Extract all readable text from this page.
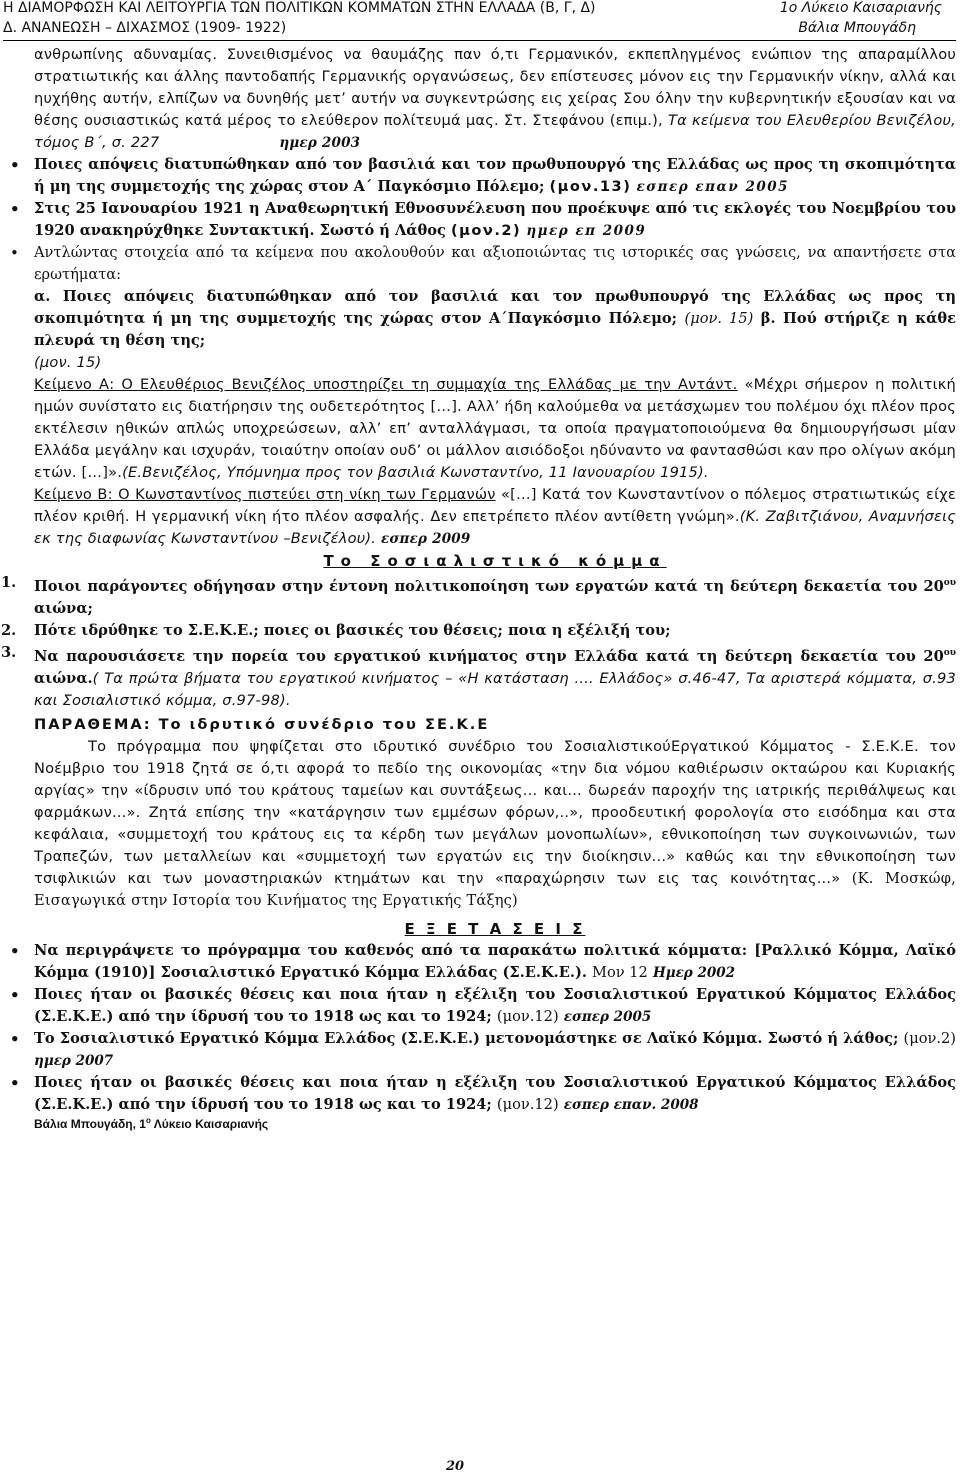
Η ΔΙΑΜΟΡΦΩΣΗ ΚΑΙ ΛΕΙΤΟΥΡΓΙΑ ΤΩΝ ΠΟΛΙΤΙΚΩΝ ΚΟΜΜΑΤΩΝ ΣΤΗΝ ΕΛΛΑΔΑ (Β, Γ, Δ)
Δ. ΑΝΑΝΕΩΣΗ – ΔΙΧΑΣΜΟΣ (1909- 1922)
1ο Λύκειο Καισαριανής
Βάλια Μπουγάδη

ανθρωπίνης αδυναμίας. Συνειθισμένος να θαυμάζης παν ό,τι Γερμανικόν, εκπεπληγμένος ενώπιον της απαραμίλλου στρατιωτικής και άλλης παντοδαπής Γερμανικής οργανώσεως, δεν επίστευσες μόνον εις την Γερμανικήν νίκην, αλλά και ηυχήθης αυτήν, ελπίζων να δυνηθής μετ’ αυτήν να συγκεντρώσης εις χείρας Σου όλην την κυβερνητικήν εξουσίαν και να θέσης ουσιαστικώς κατά μέρος το ελεύθερον πολίτευμά μας. Στ. Στεφάνου (επιμ.), Τα κείμενα του Ελευθερίου Βενιζέλου, τόμος Β΄, σ. 227	ημερ 2003

• Ποιες απόψεις διατυπώθηκαν από τον βασιλιά και τον πρωθυπουργό της Ελλάδας ως προς τη σκοπιμότητα ή μη της συμμετοχής της χώρας στον Α΄ Παγκόσμιο Πόλεμο; (μον.13) εσπερ επαν 2005
• Στις 25 Ιανουαρίου 1921 η Αναθεωρητική Εθνοσυνέλευση που προέκυψε από τις εκλογές του Νοεμβρίου του 1920 ανακηρύχθηκε Συντακτική. Σωστό ή Λάθος (μον.2) ημερ επ 2009
• Αντλώντας στοιχεία από τα κείμενα που ακολουθούν και αξιοποιώντας τις ιστορικές σας γνώσεις, να απαντήσετε στα ερωτήματα:

α. Ποιες απόψεις διατυπώθηκαν από τον βασιλιά και τον πρωθυπουργό της Ελλάδας ως προς τη σκοπιμότητα ή μη της συμμετοχής της χώρας στον Α΄Παγκόσμιο Πόλεμο; (μον. 15) β. Πού στήριζε η κάθε πλευρά τη θέση της;

(μον. 15)

Κείμενο Α: Ο Ελευθέριος Βενιζέλος υποστηρίζει τη συμμαχία της Ελλάδας με την Αντάντ. «Μέχρι σήμερον η πολιτική ημών συνίστατο εις διατήρησιν της ουδετερότητος […]. Αλλ’ ήδη καλούμεθα να μετάσχωμεν του πολέμου όχι πλέον προς εκτέλεσιν ηθικών απλώς υποχρεώσεων, αλλ’ επ’ ανταλλάγμασι, τα οποία πραγματοποιούμενα θα δημιουργήσωσι μίαν Ελλάδα μεγάλην και ισχυράν, τοιαύτην οποίαν ουδ’ οι μάλλον αισιόδοξοι ηδύναντο να φαντασθώσι καν προ ολίγων ακόμη ετών. […]».(Ε.Βενιζέλος, Υπόμνημα προς τον βασιλιά Κωνσταντίνο, 11 Ιανουαρίου 1915).

Κείμενο Β: Ο Κωνσταντίνος πιστεύει στη νίκη των Γερμανών «[…] Κατά τον Κωνσταντίνον ο πόλεμος στρατιωτικώς είχε πλέον κριθή. Η γερμανική νίκη ήτο πλέον ασφαλής. Δεν επετρέπετο πλέον αντίθετη γνώμη».(Κ. Ζαβιτζιάνου, Αναμνήσεις εκ της διαφωνίας Κωνσταντίνου –Βενιζέλου). εσπερ 2009

Το Σοσιαλιστικό κόμμα

1. Ποιοι παράγοντες οδήγησαν στην έντονη πολιτικοποίηση των εργατών κατά τη δεύτερη δεκαετία του $20^{o\upsilon}$ αιώνα;

2. Πότε ιδρύθηκε το Σ.Ε.Κ.Ε.; ποιες οι βασικές του θέσεις; ποια η εξέλιξή του;

3. Να παρουσιάσετε την πορεία του εργατικού κινήματος στην Ελλάδα κατά τη δεύτερη δεκαετία του $20^{o\upsilon}$ αιώνα.( Τα πρώτα βήματα του εργατικού κινήματος – «Η κατάσταση .... Ελλάδος» σ.46-47, Τα αριστερά κόμματα, σ.93 και Σοσιαλιστικό κόμμα, σ.97-98).

ΠΑΡΑΘΕΜΑ: Το ιδρυτικό συνέδριο του ΣΕ.Κ.Ε

Το πρόγραμμα που ψηφίζεται στο ιδρυτικό συνέδριο του ΣοσιαλιστικούΕργατικού Κόμματος - Σ.Ε.Κ.Ε. τον Νοέμβριο του 1918 ζητά σε ό,τι αφορά το πεδίο της οικονομίας «την δια νόμου καθιέρωσιν οκταώρου και Κυριακής αργίας» την «ίδρυσιν υπό του κράτους ταμείων και συντάξεως... και... δωρεάν παροχήν της ιατρικής περιθάλψεως και φαρμάκων...». Ζητά επίσης την «κατάργησιν των εμμέσων φόρων,..», προοδευτική φορολογία στο εισόδημα και στα κεφάλαια, «συμμετοχή του κράτους εις τα κέρδη των μεγάλων μονοπωλίων», εθνικοποίηση των συγκοινωνιών, των Τραπεζών, των μεταλλείων και «συμμετοχή των εργατών εις την διοίκησιν...» καθώς και την εθνικοποίηση των τσιφλικιών και των μοναστηριακών κτημάτων και την «παραχώρησιν των εις τας κοινότητας...» (Κ. Μοσκώφ, Εισαγωγικά στην Ιστορία του Κινήματος της Εργατικής Τάξης)

Ε Ξ Ε Τ Α Σ Ε Ι Σ

• Να περιγράψετε το πρόγραμμα του καθενός από τα παρακάτω πολιτικά κόμματα: [Ραλλικό Κόμμα, Λαϊκό Κόμμα (1910)] Σοσιαλιστικό Εργατικό Κόμμα Ελλάδας (Σ.Ε.Κ.Ε.). Μον 12 Ημερ 2002
• Ποιες ήταν οι βασικές θέσεις και ποια ήταν η εξέλιξη του Σοσιαλιστικού Εργατικού Κόμματος Ελλάδος (Σ.Ε.Κ.Ε.) από την ίδρυσή του το 1918 ως και το 1924; (μον.12) εσπερ 2005
• Το Σοσιαλιστικό Εργατικό Κόμμα Ελλάδος (Σ.Ε.Κ.Ε.) μετονομάστηκε σε Λαϊκό Κόμμα. Σωστό ή λάθος; (μον.2) ημερ 2007
• Ποιες ήταν οι βασικές θέσεις και ποια ήταν η εξέλιξη του Σοσιαλιστικού Εργατικού Κόμματος Ελλάδος (Σ.Ε.Κ.Ε.) από την ίδρυσή του το 1918 ως και το 1924; (μον.12) εσπερ επαν. 2008

Βάλια Μπουγάδη, $1^o$ Λύκειο Καισαριανής

20
